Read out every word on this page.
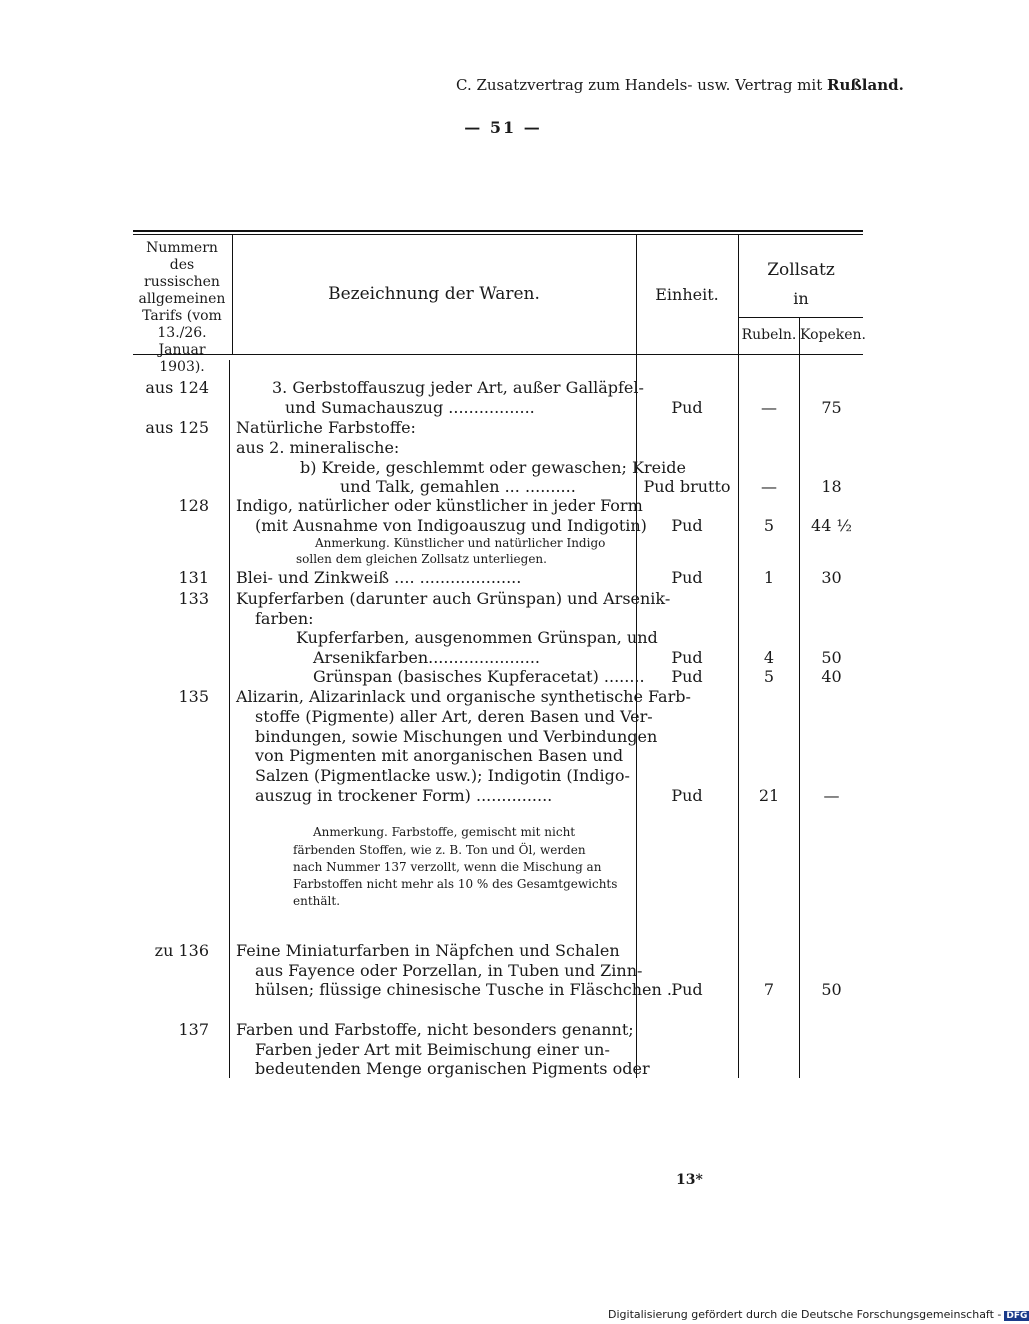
C. Zusatzvertrag zum Handels- usw. Vertrag mit Rußland.
— 51 —
Nummern
des russischen
allgemeinen
Tarifs (vom
13./26. Januar
1903).
Bezeichnung der Waren.	Einheit.
Zollsatz
in
Rubeln. Kopeken.
aus 124	3. Gerbstoffauszug jeder Art, außer Galläpfel-
und Sumachauszug .................	Pud	—	75
aus 125 Natürliche Farbstoffe:
aus 2. mineralische:
b) Kreide, geschlemmt oder gewaschen; Kreide
und Talk, gemahlen ... ..........	Pud brutto	—	18
128 Indigo, natürlicher oder künstlicher in jeder Form
(mit Ausnahme von Indigoauszug und Indigotin)
Anmerkung. Künstlicher und natürlicher Indigo
sollen dem gleichen Zollsatz unterliegen.
Pud	5	44 ½
131 Blei- und Zinkweiß .... ....................	Pud	1	30
133 Kupferfarben (darunter auch Grünspan) und Arsenik-
farben:
Kupferfarben, ausgenommen Grünspan, und
Arsenikfarben......................	Pud	4	50
Grünspan (basisches Kupferacetat) ........	Pud	5	40
135 Alizarin, Alizarinlack und organische synthetische Farb-
stoffe (Pigmente) aller Art, deren Basen und Ver-
bindungen, sowie Mischungen und Verbindungen
von Pigmenten mit anorganischen Basen und
Salzen (Pigmentlacke usw.); Indigotin (Indigo-
auszug in trockener Form) ...............	Pud	21	—
Anmerkung. Farbstoffe, gemischt mit nicht
färbenden Stoffen, wie z. B. Ton und Öl, werden
nach Nummer 137 verzollt, wenn die Mischung an
Farbstoffen nicht mehr als 10 % des Gesamtgewichts
enthält.
zu 136 Feine Miniaturfarben in Näpfchen und Schalen
aus Fayence oder Porzellan, in Tuben und Zinn-
hülsen; flüssige chinesische Tusche in Fläschchen ..
Pud	7	50
137 Farben und Farbstoffe, nicht besonders genannt;
Farben jeder Art mit Beimischung einer un-
bedeutenden Menge organischen Pigments oder
13*
Digitalisierung gefördert durch die Deutsche Forschungsgemeinschaft - DFG
